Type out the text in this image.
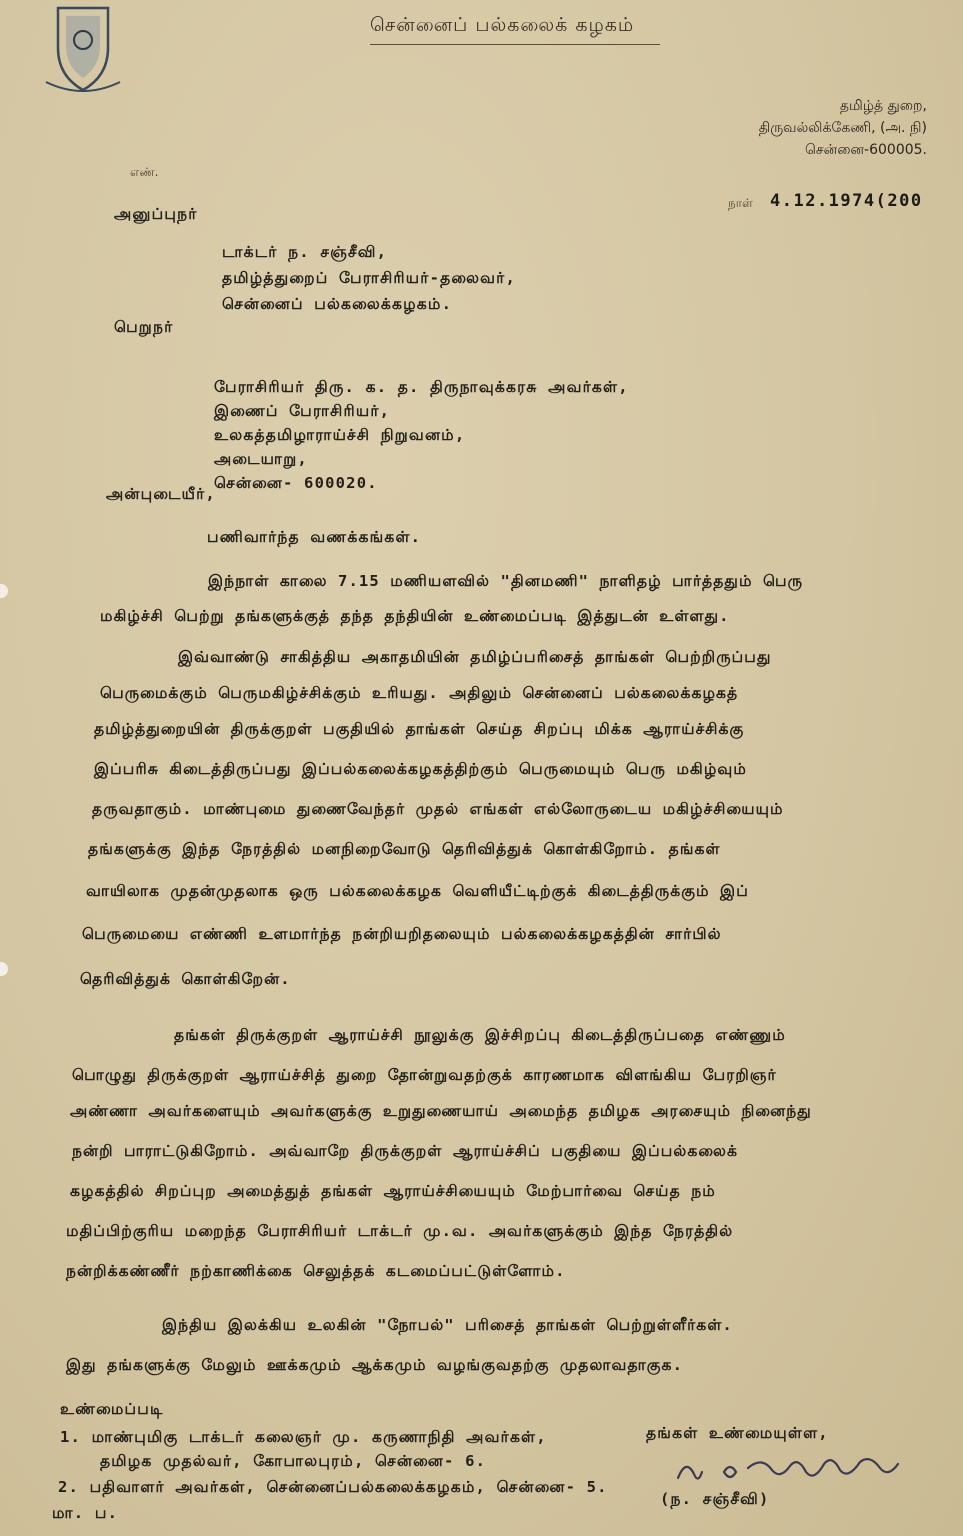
சென்னைப் பல்கலைக் கழகம்
தமிழ்த் துறை,
திருவல்லிக்கேணி, (அ. நி)
சென்னை-600005.
எண்.
நாள் 4.12.1974(200
அனுப்புநர்
டாக்டர் ந. சஞ்சீவி,
தமிழ்த்துறைப் பேராசிரியர்-தலைவர்,
சென்னைப் பல்கலைக்கழகம்.
பெறுநர்
பேராசிரியர் திரு. க. த. திருநாவுக்கரசு அவர்கள்,
இணைப் பேராசிரியர்,
உலகத்தமிழாராய்ச்சி நிறுவனம்,
அடையாறு,
சென்னை- 600020.
அன்புடையீர்,
பணிவார்ந்த வணக்கங்கள்.
இந்நாள் காலை 7.15 மணியளவில் "தினமணி" நாளிதழ் பார்த்ததும் பெரு
மகிழ்ச்சி பெற்று தங்களுக்குத் தந்த தந்தியின் உண்மைப்படி இத்துடன் உள்ளது.
இவ்வாண்டு சாகித்திய அகாதமியின் தமிழ்ப்பரிசைத் தாங்கள் பெற்றிருப்பது
பெருமைக்கும் பெருமகிழ்ச்சிக்கும் உரியது. அதிலும் சென்னைப் பல்கலைக்கழகத்
தமிழ்த்துறையின் திருக்குறள் பகுதியில் தாங்கள் செய்த சிறப்பு மிக்க ஆராய்ச்சிக்கு
இப்பரிசு கிடைத்திருப்பது இப்பல்கலைக்கழகத்திற்கும் பெருமையும் பெரு மகிழ்வும்
தருவதாகும். மாண்புமை துணைவேந்தர் முதல் எங்கள் எல்லோருடைய மகிழ்ச்சியையும்
தங்களுக்கு இந்த நேரத்தில் மனநிறைவோடு தெரிவித்துக் கொள்கிறோம். தங்கள்
வாயிலாக முதன்முதலாக ஒரு பல்கலைக்கழக வெளியீட்டிற்குக் கிடைத்திருக்கும் இப்
பெருமையை எண்ணி உளமார்ந்த நன்றியறிதலையும் பல்கலைக்கழகத்தின் சார்பில்
தெரிவித்துக் கொள்கிறேன்.
தங்கள் திருக்குறள் ஆராய்ச்சி நூலுக்கு இச்சிறப்பு கிடைத்திருப்பதை எண்ணும்
பொழுது திருக்குறள் ஆராய்ச்சித் துறை தோன்றுவதற்குக் காரணமாக விளங்கிய பேரறிஞர்
அண்ணா அவர்களையும் அவர்களுக்கு உறுதுணையாய் அமைந்த தமிழக அரசையும் நினைந்து
நன்றி பாராட்டுகிறோம். அவ்வாறே திருக்குறள் ஆராய்ச்சிப் பகுதியை இப்பல்கலைக்
கழகத்தில் சிறப்புற அமைத்துத் தங்கள் ஆராய்ச்சியையும் மேற்பார்வை செய்த நம்
மதிப்பிற்குரிய மறைந்த பேராசிரியர் டாக்டர் மு.வ. அவர்களுக்கும் இந்த நேரத்தில்
நன்றிக்கண்ணீர் நற்காணிக்கை செலுத்தக் கடமைப்பட்டுள்ளோம்.
இந்திய இலக்கிய உலகின் "நோபல்" பரிசைத் தாங்கள் பெற்றுள்ளீர்கள்.
இது தங்களுக்கு மேலும் ஊக்கமும் ஆக்கமும் வழங்குவதற்கு முதலாவதாகுக.
உண்மைப்படி
1. மாண்புமிகு டாக்டர் கலைஞர் மு. கருணாநிதி அவர்கள்,
தமிழக முதல்வர், கோபாலபுரம், சென்னை- 6.
2. பதிவாளர் அவர்கள், சென்னைப்பல்கலைக்கழகம், சென்னை- 5.
மா. ப.
தங்கள் உண்மையுள்ள,
(ந. சஞ்சீவி)
